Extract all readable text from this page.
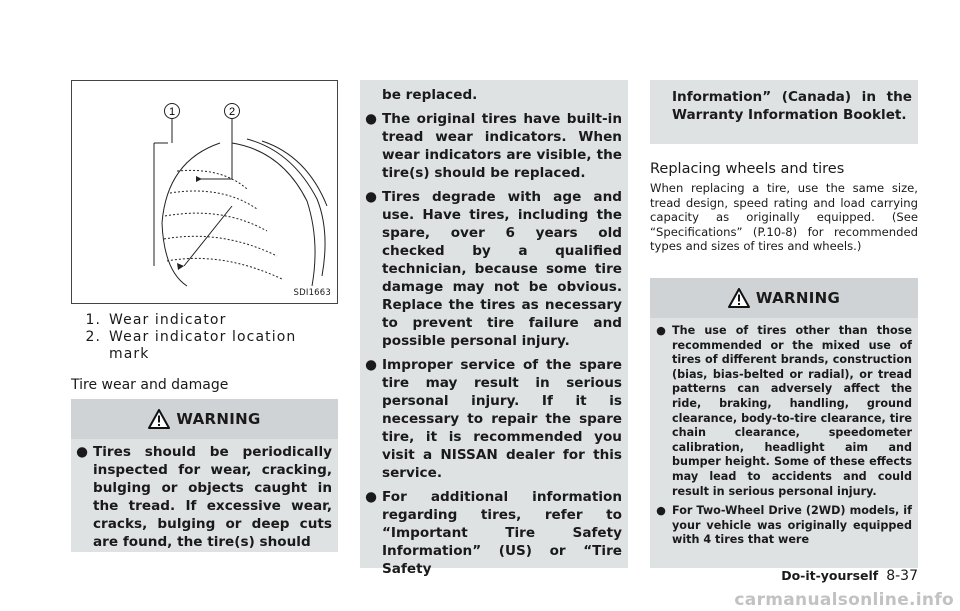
1	2
SDI1663
1. Wear indicator
2. Wear indicator location mark
Tire wear and damage
WARNING
● Tires should be periodically inspected for wear, cracking, bulging or objects caught in the tread. If excessive wear, cracks, bulging or deep cuts are found, the tire(s) should
be replaced.
● The original tires have built-in tread wear indicators. When wear indicators are visible, the tire(s) should be replaced.
● Tires degrade with age and use. Have tires, including the spare, over 6 years old checked by a qualified technician, because some tire damage may not be obvious. Replace the tires as necessary to prevent tire failure and possible personal injury.
● Improper service of the spare tire may result in serious personal injury. If it is necessary to repair the spare tire, it is recommended you visit a NISSAN dealer for this service.
● For additional information regarding tires, refer to “Important Tire Safety Information” (US) or “Tire Safety
Information” (Canada) in the Warranty Information Booklet.
Replacing wheels and tires
When replacing a tire, use the same size, tread design, speed rating and load carrying capacity as originally equipped. (See “Specifications” (P.10-8) for recommended types and sizes of tires and wheels.)
WARNING
● The use of tires other than those recommended or the mixed use of tires of different brands, construction (bias, bias-belted or radial), or tread patterns can adversely affect the ride, braking, handling, ground clearance, body-to-tire clearance, tire chain clearance, speedometer calibration, headlight aim and bumper height. Some of these effects may lead to accidents and could result in serious personal injury.
● For Two-Wheel Drive (2WD) models, if your vehicle was originally equipped with 4 tires that were
Do-it-yourself 8-37
carmanualsonline.info
